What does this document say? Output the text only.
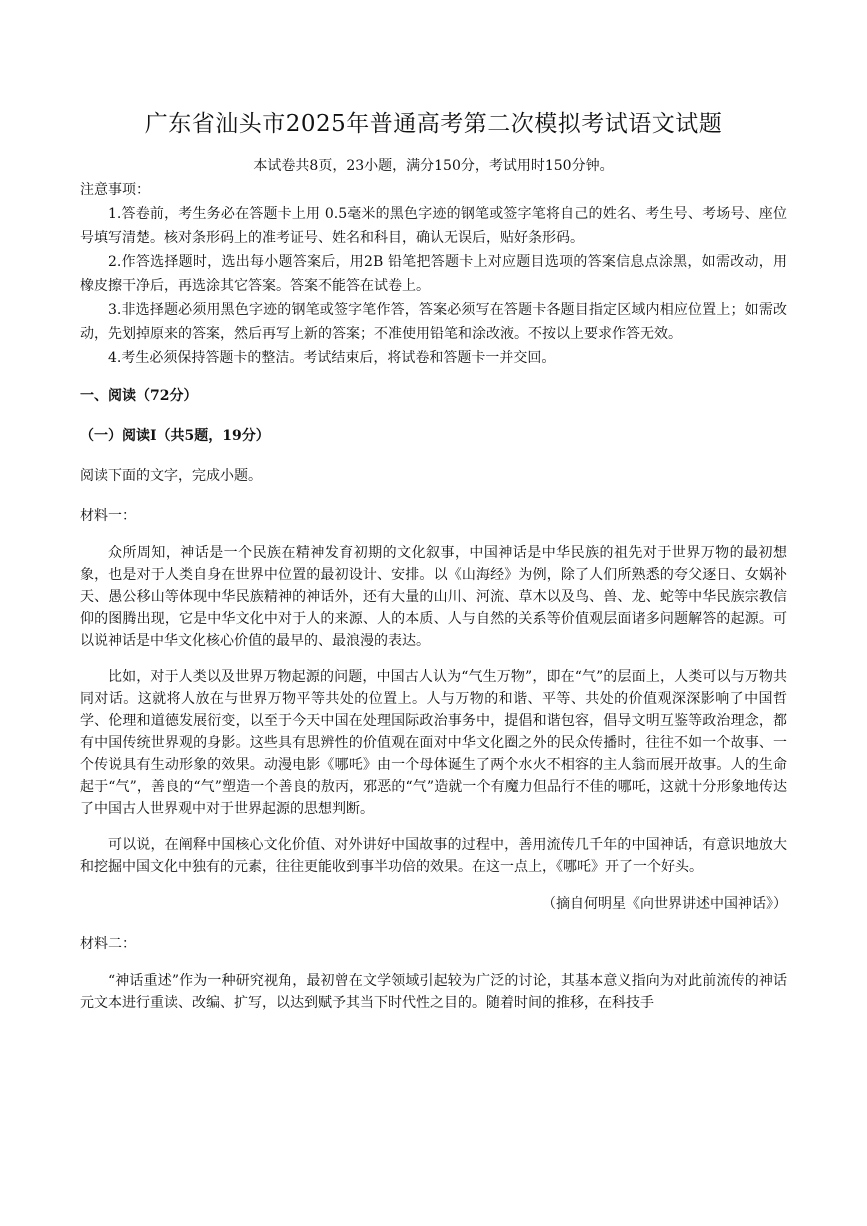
广东省汕头市2025年普通高考第二次模拟考试语文试题
本试卷共8页，23小题，满分150分，考试用时150分钟。
注意事项：

1.答卷前，考生务必在答题卡上用 0.5毫米的黑色字迹的钢笔或签字笔将自己的姓名、考生号、考场号、座位号填写清楚。核对条形码上的准考证号、姓名和科目，确认无误后，贴好条形码。

2.作答选择题时，选出每小题答案后，用2B 铅笔把答题卡上对应题目选项的答案信息点涂黑，如需改动，用橡皮擦干净后，再选涂其它答案。答案不能答在试卷上。

3.非选择题必须用黑色字迹的钢笔或签字笔作答，答案必须写在答题卡各题目指定区域内相应位置上；如需改动，先划掉原来的答案，然后再写上新的答案；不准使用铅笔和涂改液。不按以上要求作答无效。

4.考生必须保持答题卡的整洁。考试结束后，将试卷和答题卡一并交回。

一、阅读（72分）
（一）阅读Ⅰ（共5题，19分）
阅读下面的文字，完成小题。
材料一：

众所周知，神话是一个民族在精神发育初期的文化叙事，中国神话是中华民族的祖先对于世界万物的最初想象，也是对于人类自身在世界中位置的最初设计、安排。以《山海经》为例，除了人们所熟悉的夸父逐日、女娲补天、愚公移山等体现中华民族精神的神话外，还有大量的山川、河流、草木以及鸟、兽、龙、蛇等中华民族宗教信仰的图腾出现，它是中华文化中对于人的来源、人的本质、人与自然的关系等价值观层面诸多问题解答的起源。可以说神话是中华文化核心价值的最早的、最浪漫的表达。

比如，对于人类以及世界万物起源的问题，中国古人认为“气生万物”，即在“气”的层面上，人类可以与万物共同对话。这就将人放在与世界万物平等共处的位置上。人与万物的和谐、平等、共处的价值观深深影响了中国哲学、伦理和道德发展衍变，以至于今天中国在处理国际政治事务中，提倡和谐包容，倡导文明互鉴等政治理念，都有中国传统世界观的身影。这些具有思辨性的价值观在面对中华文化圈之外的民众传播时，往往不如一个故事、一个传说具有生动形象的效果。动漫电影《哪吒》由一个母体诞生了两个水火不相容的主人翁而展开故事。人的生命起于“气”，善良的“气”塑造一个善良的敖丙，邪恶的“气”造就一个有魔力但品行不佳的哪吒，这就十分形象地传达了中国古人世界观中对于世界起源的思想判断。

可以说，在阐释中国核心文化价值、对外讲好中国故事的过程中，善用流传几千年的中国神话，有意识地放大和挖掘中国文化中独有的元素，往往更能收到事半功倍的效果。在这一点上，《哪吒》开了一个好头。

（摘自何明星《向世界讲述中国神话》）
材料二：

“神话重述”作为一种研究视角，最初曾在文学领域引起较为广泛的讨论，其基本意义指向为对此前流传的神话元文本进行重读、改编、扩写，以达到赋予其当下时代性之目的。随着时间的推移，在科技手
